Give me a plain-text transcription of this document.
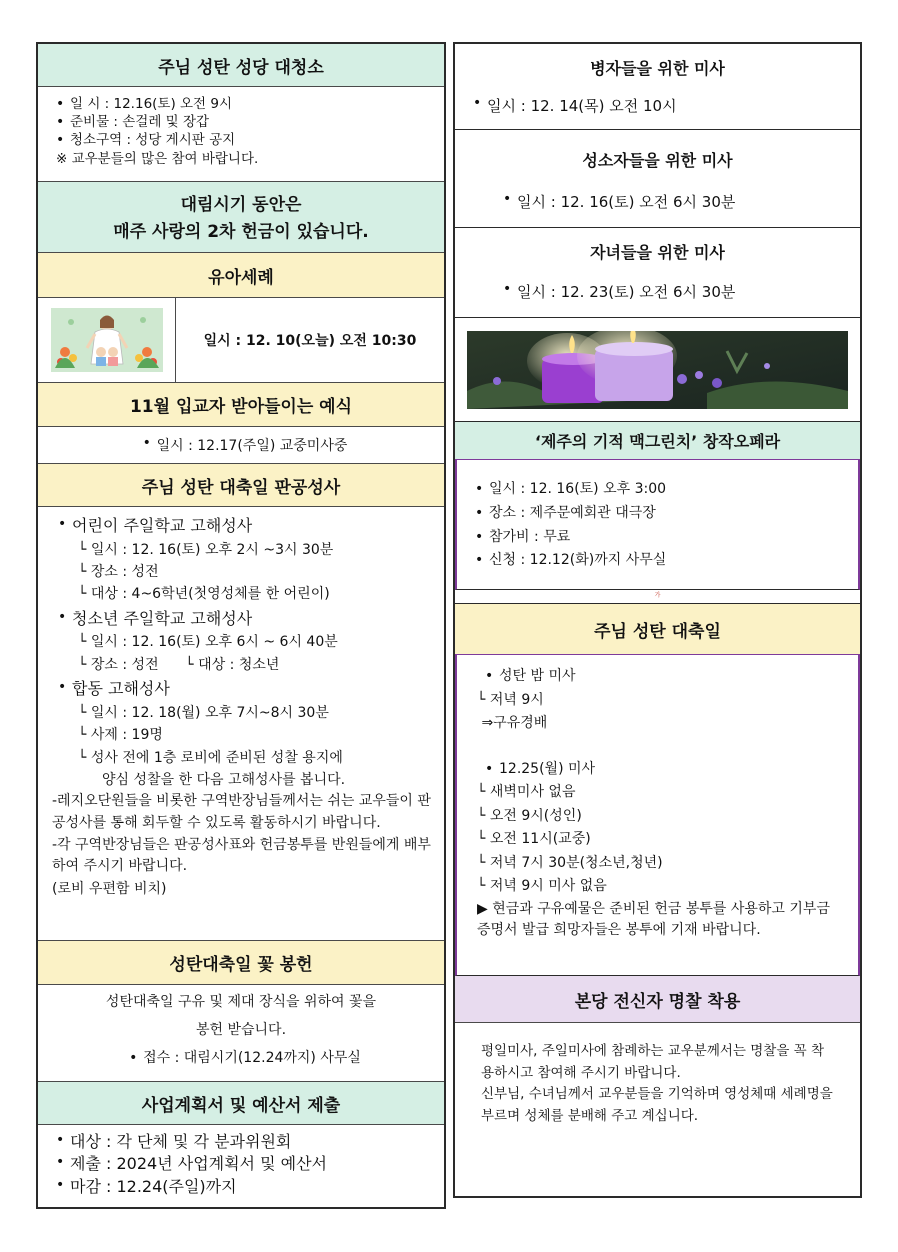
주님 성탄 성당 대청소
• 일 시 : 12.16(토) 오전 9시
• 준비물 : 손걸레 및 장갑
• 청소구역 : 성당 게시판 공지
※ 교우분들의 많은 참여 바랍니다.
대림시기 동안은
매주 사랑의 2차 헌금이 있습니다.
유아세례
일시 : 12. 10(오늘) 오전 10:30
11월 입교자 받아들이는 예식
• 일시 : 12.17(주일) 교중미사중
주님 성탄 대축일 판공성사
• 어린이 주일학교 고해성사
└ 일시 : 12. 16(토) 오후 2시 ~3시 30분
└ 장소 : 성전
└ 대상 : 4~6학년(첫영성체를 한 어린이)
• 청소년 주일학교 고해성사
└ 일시 : 12. 16(토) 오후 6시 ~ 6시 40분
└ 장소 : 성전      └ 대상 : 청소년
• 합동 고해성사
└ 일시 : 12. 18(월) 오후 7시~8시 30분
└ 사제 : 19명
└ 성사 전에 1층 로비에 준비된 성찰 용지에
양심 성찰을 한 다음 고해성사를 봅니다.
-레지오단원들을 비롯한 구역반장님들께서는 쉬는 교우들이 판공성사를 통해 회두할 수 있도록 활동하시기 바랍니다.
-각 구역반장님들은 판공성사표와 헌금봉투를 반원들에게 배부하여 주시기 바랍니다.
(로비 우편함 비치)
성탄대축일 꽃 봉헌
성탄대축일 구유 및 제대 장식을 위하여 꽃을
봉헌 받습니다.
• 접수 : 대림시기(12.24까지) 사무실
사업계획서 및 예산서 제출
• 대상 : 각 단체 및 각 분과위원회
• 제출 : 2024년 사업계획서 및 예산서
• 마감 : 12.24(주일)까지
병자들을 위한 미사
• 일시 : 12. 14(목) 오전 10시
성소자들을 위한 미사
• 일시 : 12. 16(토) 오전 6시 30분
자녀들을 위한 미사
• 일시 : 12. 23(토) 오전 6시 30분
‘제주의 기적 맥그린치’ 창작오페라
• 일시 : 12. 16(토) 오후 3:00
• 장소 : 제주문예회관 대극장
• 참가비 : 무료
• 신청 : 12.12(화)까지 사무실
가
주님 성탄 대축일
• 성탄 밤 미사
└ 저녁 9시
⇒구유경배
• 12.25(월) 미사
└ 새벽미사 없음
└ 오전 9시(성인)
└ 오전 11시(교중)
└ 저녁 7시 30분(청소년,청년)
└ 저녁 9시 미사 없음
▶ 현금과 구유예물은 준비된 헌금 봉투를 사용하고 기부금 증명서 발급 희망자들은 봉투에 기재 바랍니다.
본당 전신자 명찰 착용
평일미사, 주일미사에 참례하는 교우분께서는 명찰을 꼭 착용하시고 참여해 주시기 바랍니다.
신부님, 수녀님께서 교우분들을 기억하며 영성체때 세례명을 부르며 성체를 분배해 주고 계십니다.
